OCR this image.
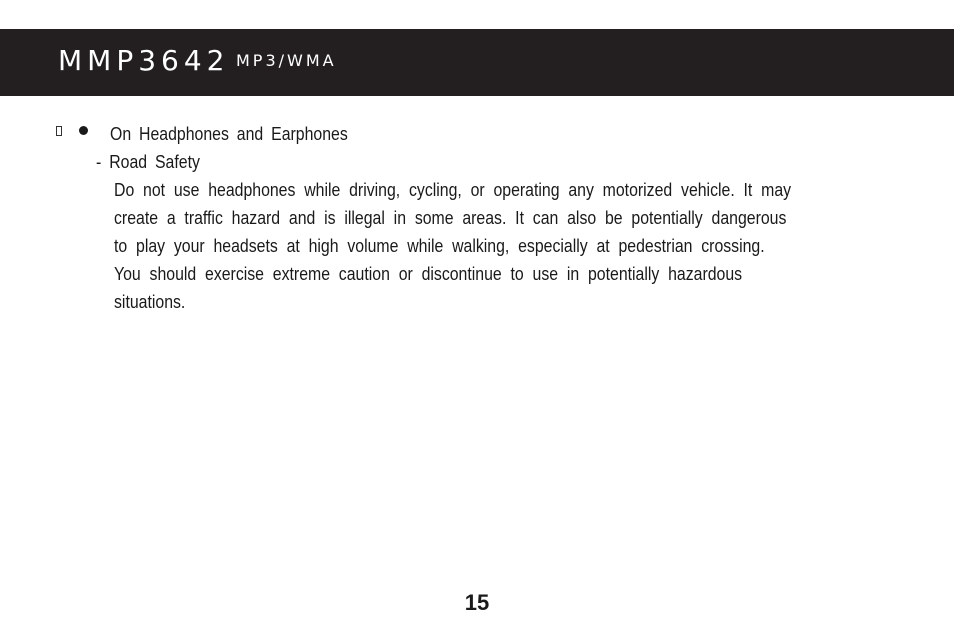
MMP3642 MP3/WMA
On Headphones and Earphones
- Road Safety
Do not use headphones while driving, cycling, or operating any motorized vehicle. It may
create a traffic hazard and is illegal in some areas. It can also be potentially dangerous
to play your headsets at high volume while walking, especially at pedestrian crossing.
You should exercise extreme caution or discontinue to use in potentially hazardous
situations.
15
